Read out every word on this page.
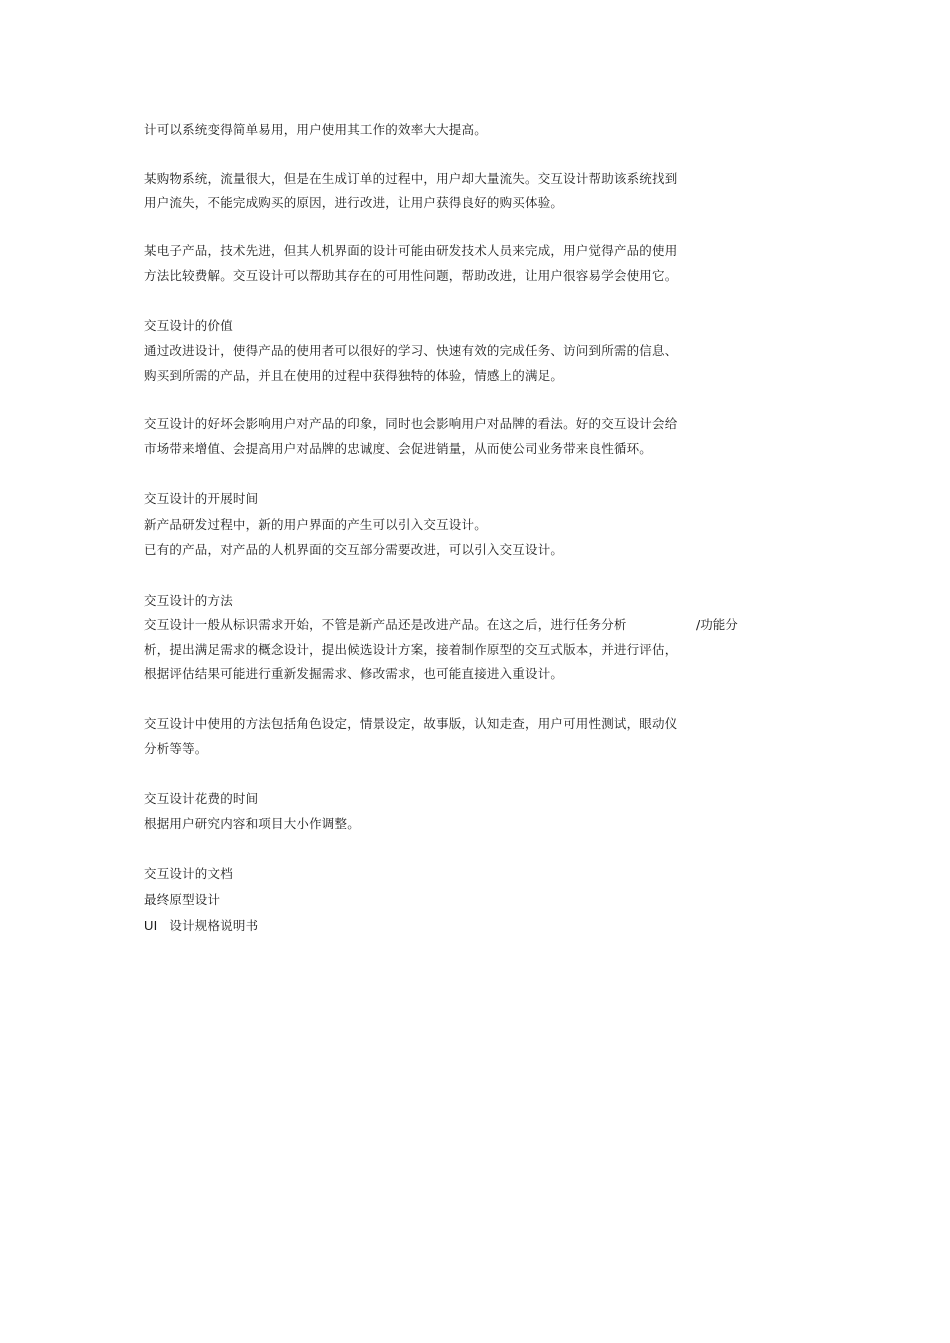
计可以系统变得简单易用，用户使用其工作的效率大大提高。
某购物系统，流量很大，但是在生成订单的过程中，用户却大量流失。交互设计帮助该系统找到
用户流失，不能完成购买的原因，进行改进，让用户获得良好的购买体验。
某电子产品，技术先进，但其人机界面的设计可能由研发技术人员来完成，用户觉得产品的使用
方法比较费解。交互设计可以帮助其存在的可用性问题，帮助改进，让用户很容易学会使用它。
交互设计的价值
通过改进设计，使得产品的使用者可以很好的学习、快速有效的完成任务、访问到所需的信息、
购买到所需的产品，并且在使用的过程中获得独特的体验，情感上的满足。
交互设计的好坏会影响用户对产品的印象，同时也会影响用户对品牌的看法。好的交互设计会给
市场带来增值、会提高用户对品牌的忠诚度、会促进销量，从而使公司业务带来良性循环。
交互设计的开展时间
新产品研发过程中，新的用户界面的产生可以引入交互设计。
已有的产品，对产品的人机界面的交互部分需要改进，可以引入交互设计。
交互设计的方法
交互设计一般从标识需求开始，不管是新产品还是改进产品。在这之后，进行任务分析	/功能分
析，提出满足需求的概念设计，提出候选设计方案，接着制作原型的交互式版本，并进行评估，
根据评估结果可能进行重新发掘需求、修改需求，也可能直接进入重设计。
交互设计中使用的方法包括角色设定，情景设定，故事版，认知走查，用户可用性测试，眼动仪
分析等等。
交互设计花费的时间
根据用户研究内容和项目大小作调整。
交互设计的文档
最终原型设计
UI 设计规格说明书
